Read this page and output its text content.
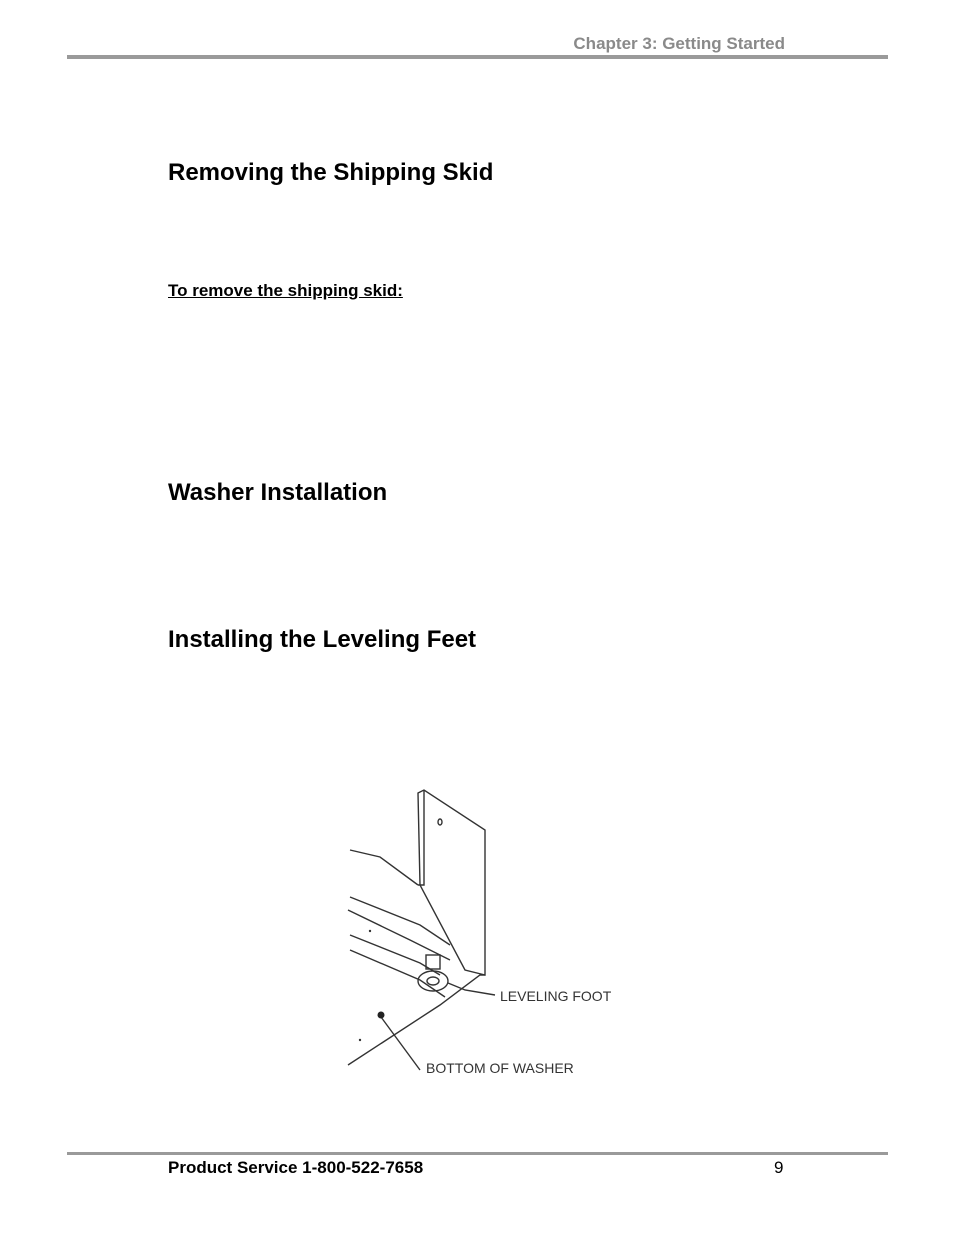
Chapter 3: Getting Started
Removing the Shipping Skid
To remove the shipping skid:
Washer Installation
Installing the Leveling Feet
LEVELING FOOT
BOTTOM OF WASHER
Product Service 1-800-522-7658	9
